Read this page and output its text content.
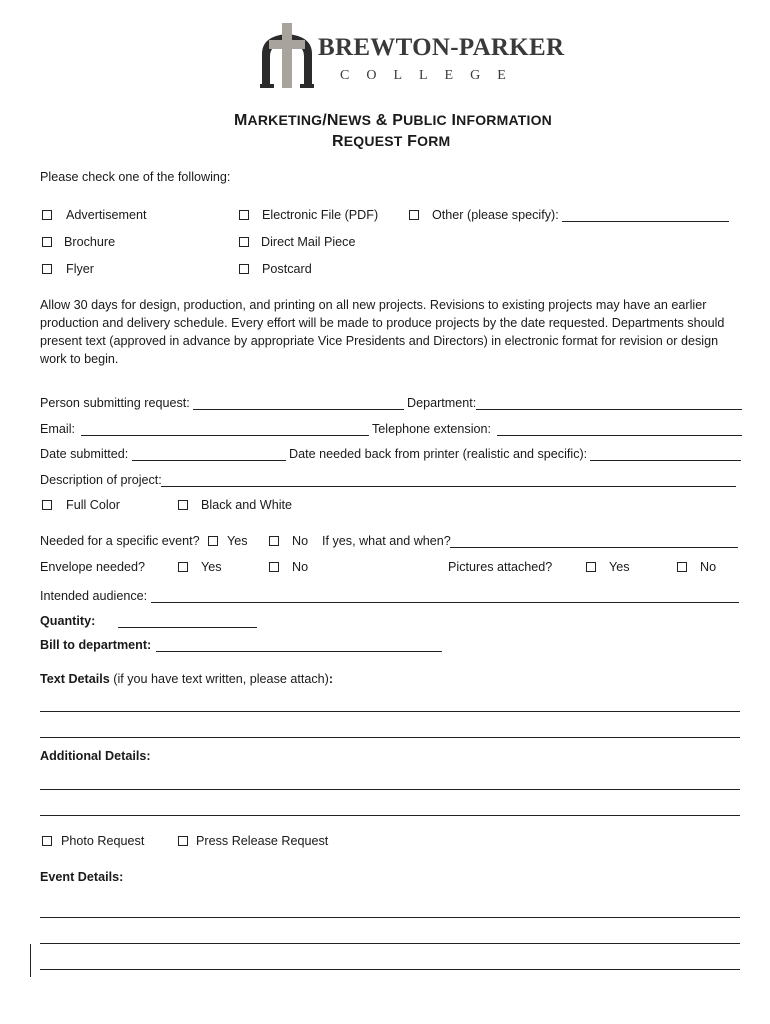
BREWTON-PARKER
COLLEGE
MARKETING/NEWS & PUBLIC INFORMATION
REQUEST FORM
Please check one of the following:
Advertisement	Electronic File (PDF)	Other (please specify):
Brochure	Direct Mail Piece
Flyer	Postcard
Allow 30 days for design, production, and printing on all new projects. Revisions to existing projects may have an earlier production and delivery schedule. Every effort will be made to produce projects by the date requested. Departments should present text (approved in advance by appropriate Vice Presidents and Directors) in electronic format for revision or design work to begin.
Person submitting request:	Department:
Email:	Telephone extension:
Date submitted:	Date needed back from printer (realistic and specific):
Description of project:
Full Color	Black and White
Needed for a specific event? Yes	No If yes, what and when?
Envelope needed?	Yes	No	Pictures attached?	Yes	No
Intended audience:
Quantity:
Bill to department:
Text Details (if you have text written, please attach):
Additional Details:
Photo Request	Press Release Request
Event Details:
